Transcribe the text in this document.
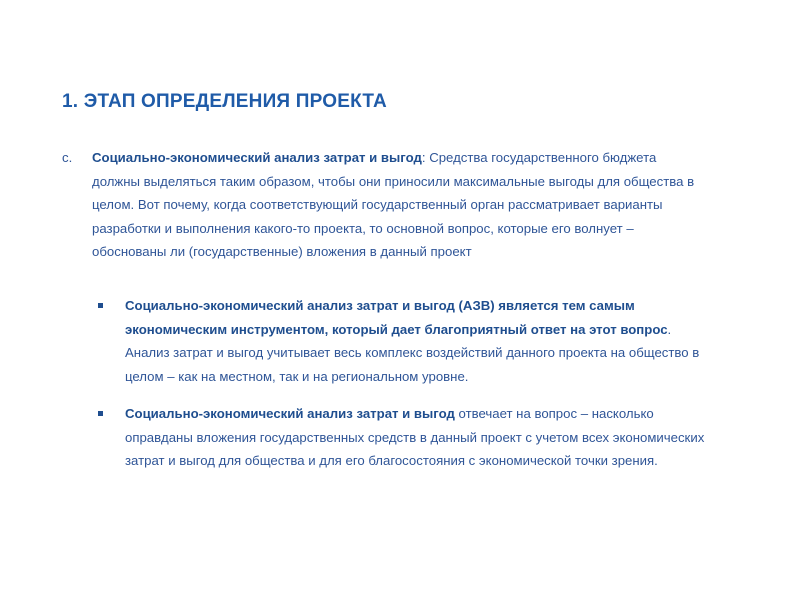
1. ЭТАП ОПРЕДЕЛЕНИЯ ПРОЕКТА
c. Социально-экономический анализ затрат и выгод: Средства государственного бюджета должны выделяться таким образом, чтобы они приносили максимальные выгоды для общества в целом. Вот почему, когда соответствующий государственный орган рассматривает варианты разработки и выполнения какого-то проекта, то основной вопрос, которые его волнует – обоснованы ли (государственные) вложения в данный проект
Социально-экономический анализ затрат и выгод (АЗВ) является тем самым экономическим инструментом, который дает благоприятный ответ на этот вопрос. Анализ затрат и выгод учитывает весь комплекс воздействий данного проекта на общество в целом – как на местном, так и на региональном уровне.
Социально-экономический анализ затрат и выгод отвечает на вопрос – насколько оправданы вложения государственных средств в данный проект с учетом всех экономических затрат и выгод для общества и для его благосостояния с экономической точки зрения.
